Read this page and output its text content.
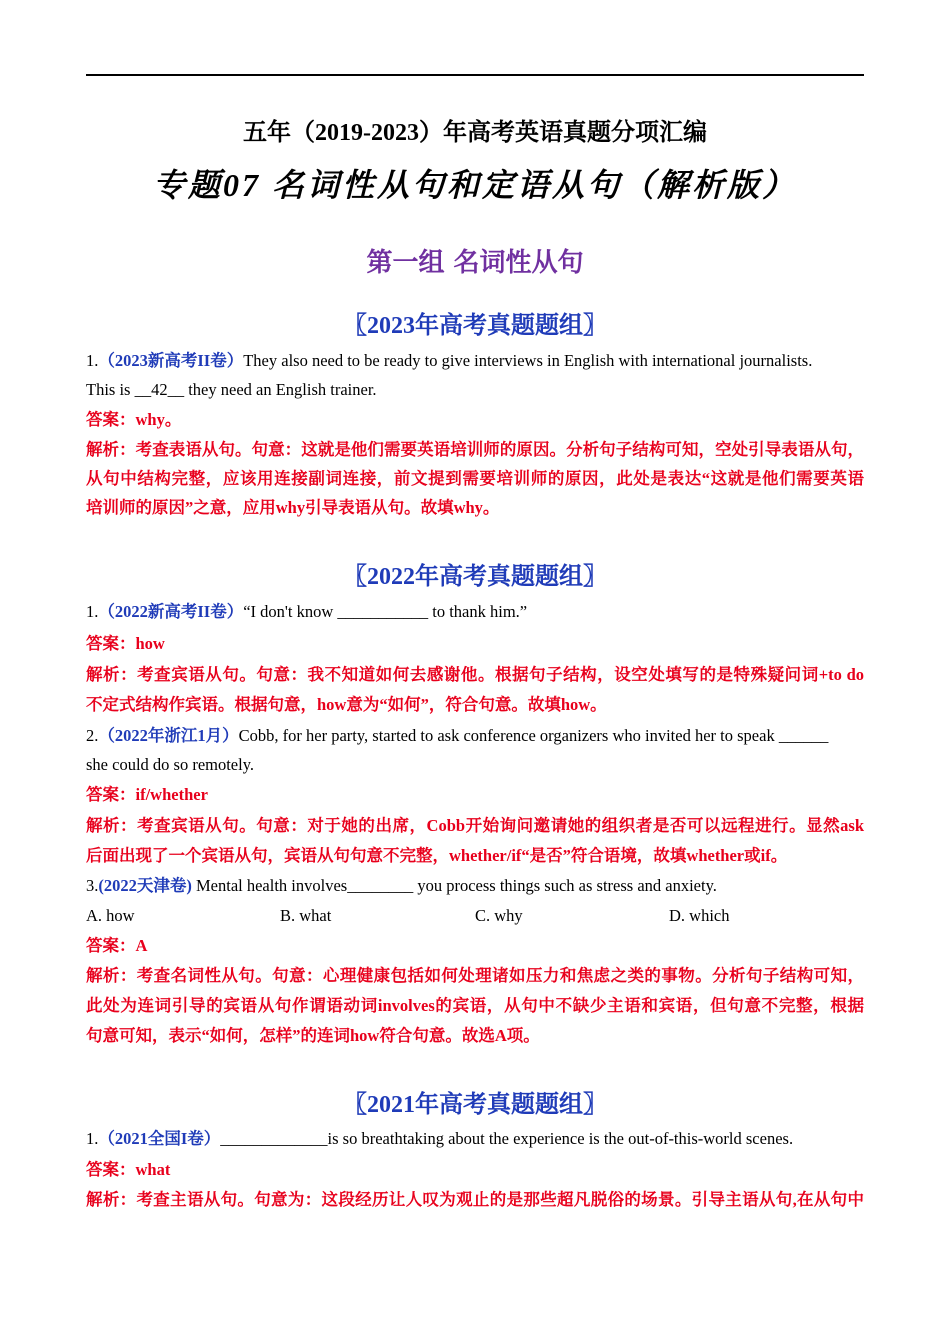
五年（2019-2023）年高考英语真题分项汇编
专题07 名词性从句和定语从句（解析版）
第一组 名词性从句
〖2023年高考真题题组〗
1.（2023新高考II卷）They also need to be ready to give interviews in English with international journalists.
This is __42__ they need an English trainer.
答案：why。
解析：考查表语从句。句意：这就是他们需要英语培训师的原因。分析句子结构可知，空处引导表语从句，
从句中结构完整，应该用连接副词连接，前文提到需要培训师的原因，此处是表达“这就是他们需要英语
培训师的原因”之意，应用why引导表语从句。故填why。
〖2022年高考真题题组〗
1.（2022新高考II卷）“I don't know ___________ to thank him.”
答案：how
解析：考查宾语从句。句意：我不知道如何去感谢他。根据句子结构，设空处填写的是特殊疑问词+to do
不定式结构作宾语。根据句意，how意为“如何”，符合句意。故填how。
2.（2022年浙江1月）Cobb, for her party, started to ask conference organizers who invited her to speak ______
she could do so remotely.
答案：if/whether
解析：考查宾语从句。句意：对于她的出席，Cobb开始询问邀请她的组织者是否可以远程进行。显然ask
后面出现了一个宾语从句，宾语从句句意不完整，whether/if“是否”符合语境，故填whether或if。
3.(2022天津卷) Mental health involves________ you process things such as stress and anxiety.
A. how	B. what	C. why	D. which
答案：A
解析：考查名词性从句。句意：心理健康包括如何处理诸如压力和焦虑之类的事物。分析句子结构可知，
此处为连词引导的宾语从句作谓语动词involves的宾语，从句中不缺少主语和宾语，但句意不完整，根据
句意可知，表示“如何，怎样”的连词how符合句意。故选A项。
〖2021年高考真题题组〗
1.（2021全国I卷）_____________is so breathtaking about the experience is the out-of-this-world scenes.
答案：what
解析：考查主语从句。句意为：这段经历让人叹为观止的是那些超凡脱俗的场景。引导主语从句,在从句中
